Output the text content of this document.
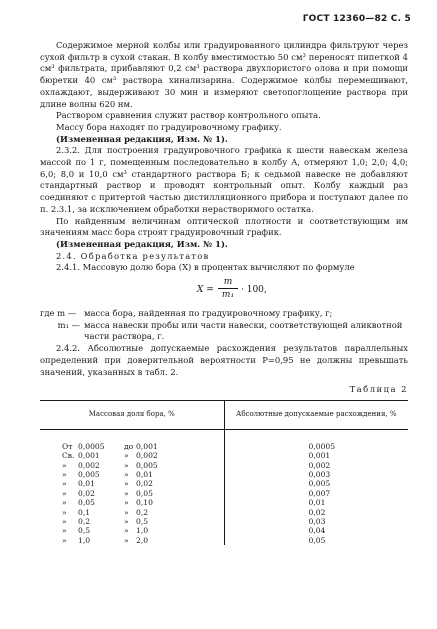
ГОСТ 12360—82 С. 5

Содержимое мерной колбы или градуированного цилиндра фильтруют через сухой фильтр в сухой стакан. В колбу вместимостью 50 см³ переносят пипеткой 4 см³ фильтрата, прибавляют 0,2 см³ раствора двухлористого олова и при помощи бюретки 40 см³ раствора хинализарина. Содержимое колбы перемешивают, охлаждают, выдерживают 30 мин и измеряют светопоглощение раствора при длине волны 620 нм.

Раствором сравнения служит раствор контрольного опыта.

Массу бора находят по градуировочному графику.

(Измененная редакция, Изм. № 1).

2.3.2. Для построения градуировочного графика к шести навескам железа массой по 1 г, помещенным последовательно в колбу А, отмеряют 1,0; 2,0; 4,0; 6,0; 8,0 и 10,0 см³ стандартного раствора Б; к седьмой навеске не добавляют стандартный раствор и проводят контрольный опыт. Колбу каждый раз соединяют с притертой частью дистилляционного прибора и поступают далее по п. 2.3.1, за исключением обработки нерастворимого остатка.

По найденным величинам оптической плотности и соответствующим им значениям масс бора строят градуировочный график.

(Измененная редакция, Изм. № 1).

2.4. Обработка результатов

2.4.1. Массовую долю бора (X) в процентах вычисляют по формуле

$X = \frac{m}{\text{m₁}} \cdot 100$,

где m — масса бора, найденная по градуировочному графику, г;

m₁ — масса навески пробы или части навески, соответствующей аликвотной части раствора, г.

2.4.2. Абсолютные допускаемые расхождения результатов параллельных определений при доверительной вероятности P=0,95 не должны превышать значений, указанных в табл. 2.

Таблица 2
Массовая доля бора, %	Абсолютные допускаемые расхождения, %
От 0,0005 до 0,001	0,0005
Св. 0,001 » 0,002	0,001
» 0,002 » 0,005	0,002
» 0,005 » 0,01	0,003
» 0,01 » 0,02	0,005
» 0,02 » 0,05	0,007
» 0,05 » 0,10	0,01
» 0,1 » 0,2	0,02
» 0,2 » 0,5	0,03
» 0,5 » 1,0	0,04
» 1,0 » 2,0	0,05
